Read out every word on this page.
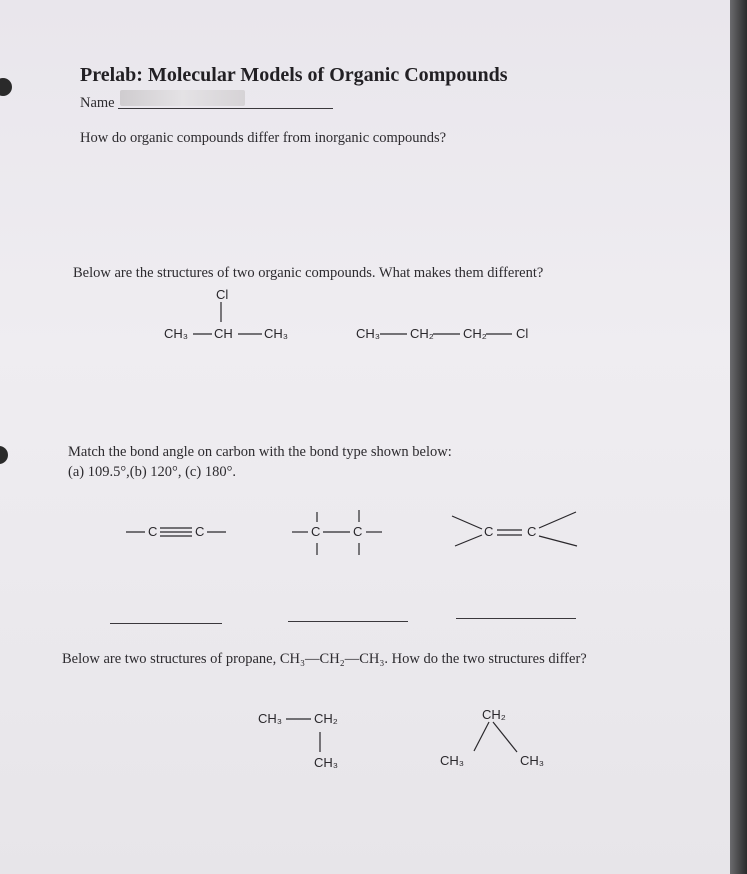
Prelab: Molecular Models of Organic Compounds
Name
How do organic compounds differ from inorganic compounds?
Below are the structures of two organic compounds. What makes them different?
Cl
CH₃ CH CH₃	CH₃ CH₂ CH₂ Cl
Match the bond angle on carbon with the bond type shown below:
(a) 109.5°,(b) 120°, (c) 180°.
C	C	C	C	C	C
Below are two structures of propane, CH₃—CH₂—CH₃. How do the two structures differ?
CH₃ CH₂
CH₃
CH₂
CH₃	CH₃
